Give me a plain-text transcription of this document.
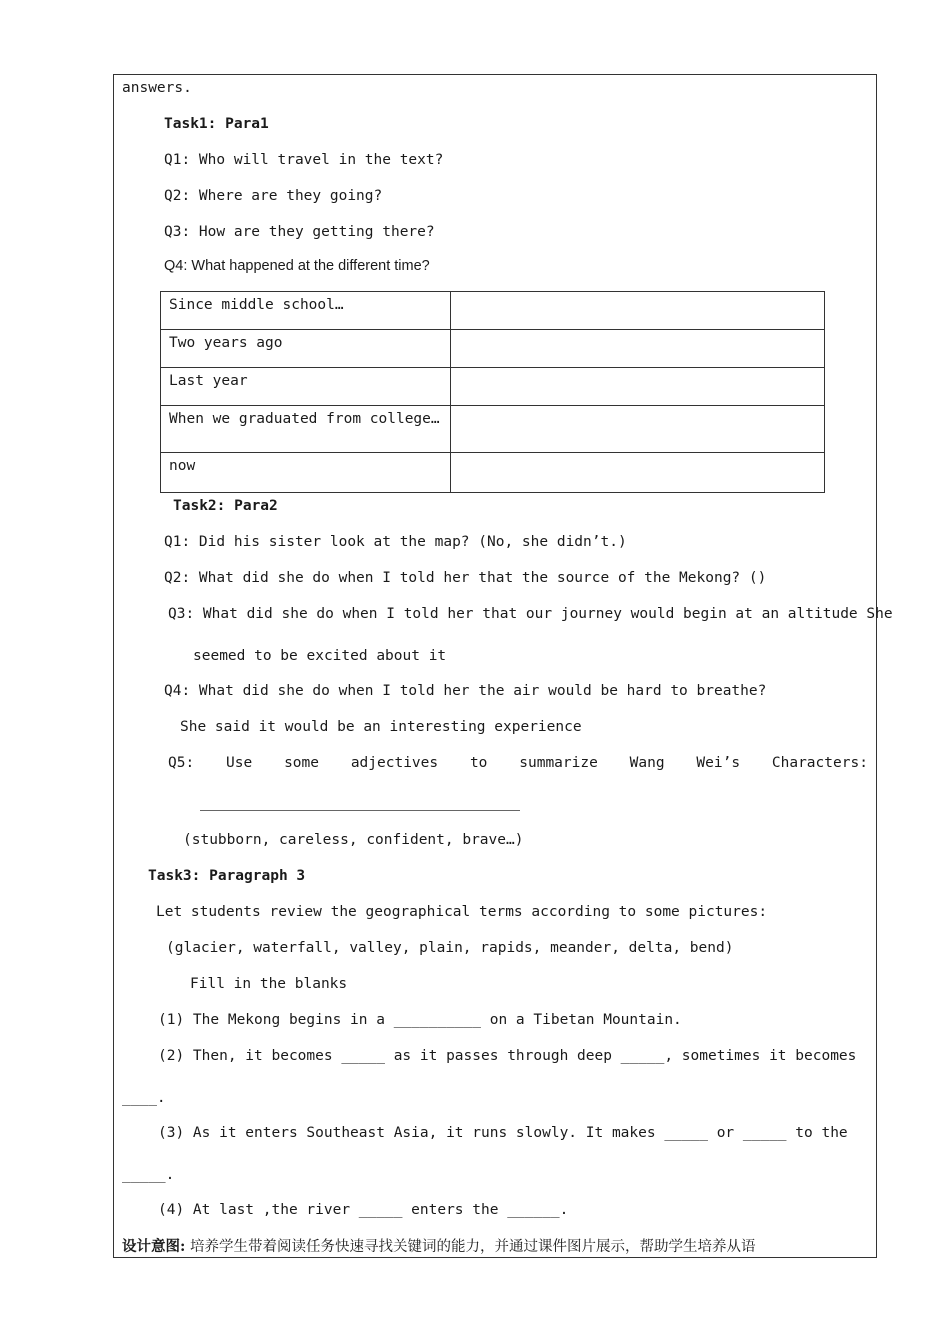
answers.
Task1: Para1
Q1: Who will travel in the text?
Q2: Where are they going?
Q3: How are they getting there?
Q4: What happened at the different time?
Since middle school…	
Two years ago	
Last year	
When we graduated from college…	
now	
Task2: Para2
Q1: Did his sister look at the map? (No, she didn’t.)
Q2: What did she do when I told her that the source of the Mekong? ()
Q3: What did she do when I told her that our journey would begin at an altitude She
seemed to be excited about it
Q4: What did she do when I told her the air would be hard to breathe?
She said it would be an interesting experience
Q5: Use some adjectives to summarize Wang Wei’s Characters:
(stubborn, careless, confident, brave…)
Task3: Paragraph 3
Let students review the geographical terms according to some pictures:
(glacier, waterfall, valley, plain, rapids, meander, delta, bend)
Fill in the blanks
(1) The Mekong begins in a __________ on a Tibetan Mountain.
(2) Then, it becomes _____ as it passes through deep _____, sometimes it becomes
____.
(3) As it enters Southeast Asia, it runs slowly. It makes _____ or _____ to the
_____.
(4) At last ,the river _____ enters the ______.
设计意图: 培养学生带着阅读任务快速寻找关键词的能力，并通过课件图片展示，帮助学生培养从语
